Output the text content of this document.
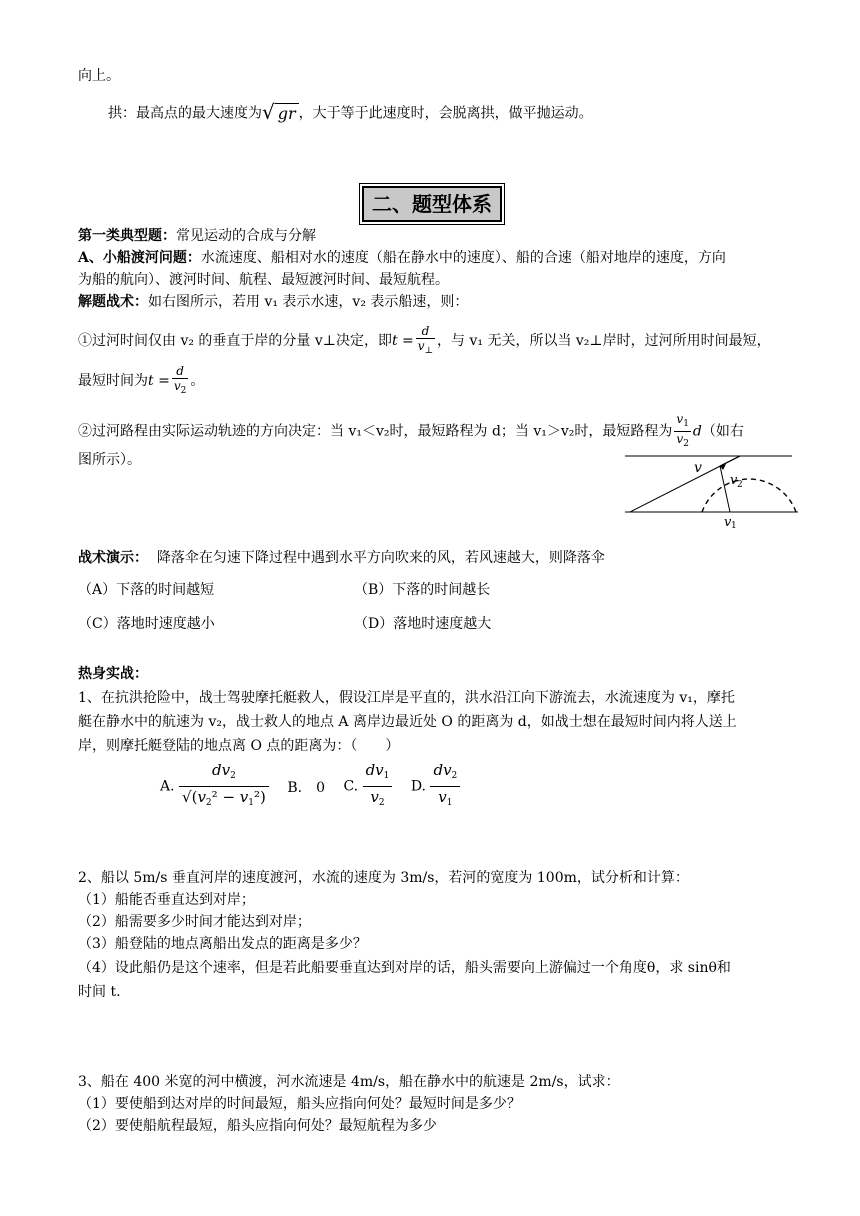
向上。
拱：最高点的最大速度为√ gr ，大于等于此速度时，会脱离拱，做平抛运动。
二、题型体系
第一类典型题：常见运动的合成与分解
A、小船渡河问题：水流速度、船相对水的速度（船在静水中的速度）、船的合速（船对地岸的速度，方向
为船的航向）、渡河时间、航程、最短渡河时间、最短航程。
解题战术：如右图所示，若用 v₁ 表示水速，v₂ 表示船速，则：
①过河时间仅由 v₂ 的垂直于岸的分量 v⊥决定，即$t = \frac{d}{v_\perp}$ ，与 v₁ 无关，所以当 v₂⊥岸时，过河所用时间最短，
最短时间为$t = \frac{d}{v_2}$ 。
②过河路程由实际运动轨迹的方向决定：当 v₁＜v₂时，最短路程为 d；当 v₁＞v₂时，最短路程为 $\frac{v_1}{v_2} d$（如右
图所示）。	v
v 2
v 1
战术演示： 降落伞在匀速下降过程中遇到水平方向吹来的风，若风速越大，则降落伞
（A）下落的时间越短	（B）下落的时间越长
（C）落地时速度越小	（D）落地时速度越大
热身实战：
1、在抗洪抢险中，战士驾驶摩托艇救人，假设江岸是平直的，洪水沿江向下游流去，水流速度为 v₁，摩托
艇在静水中的航速为 v₂，战士救人的地点 A 离岸边最近处 O 的距离为 d，如战士想在最短时间内将人送上
岸，则摩托艇登陆的地点离 O 点的距离为：（　　）
A. $\frac{dv_2}{√(v_2^2 - v_1^2)} B$.　0 C. $\frac{dv_1}{v_2} D$. $\frac{dv_2}{v_1}$
2、船以 5m/s 垂直河岸的速度渡河，水流的速度为 3m/s，若河的宽度为 100m，试分析和计算：
（1）船能否垂直达到对岸；
（2）船需要多少时间才能达到对岸；
（3）船登陆的地点离船出发点的距离是多少？
（4）设此船仍是这个速率，但是若此船要垂直达到对岸的话，船头需要向上游偏过一个角度θ，求 sinθ和
时间 t.
3、船在 400 米宽的河中横渡，河水流速是 4m/s，船在静水中的航速是 2m/s，试求：
（1）要使船到达对岸的时间最短，船头应指向何处？最短时间是多少？
（2）要使船航程最短，船头应指向何处？最短航程为多少
